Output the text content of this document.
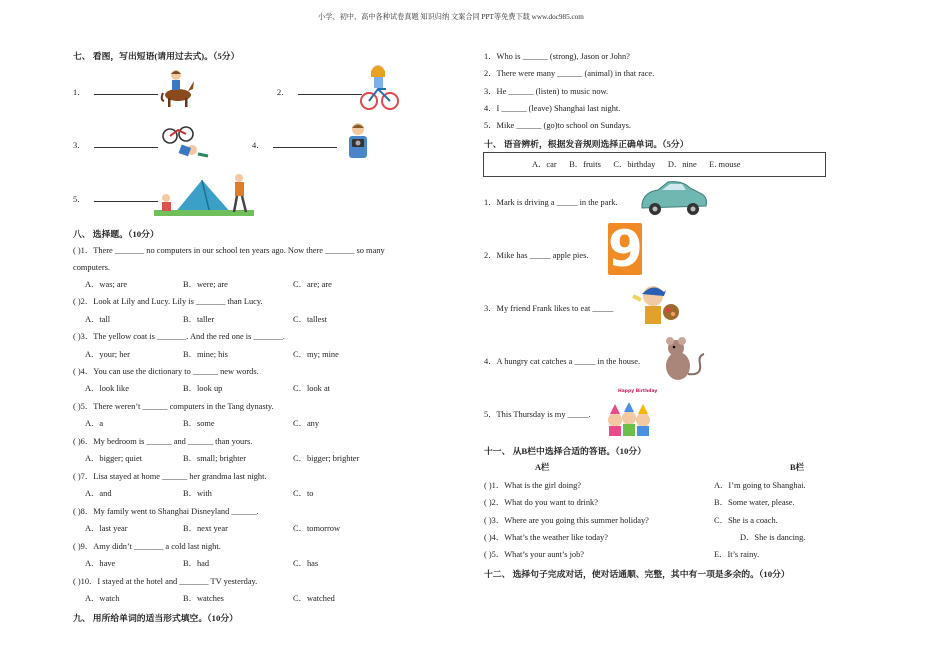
小学、初中、高中各种试卷真题 知识归纳 文案合同 PPT等免费下载 www.doc985.com
七、 看图，写出短语(请用过去式)。（5分）
1．	2．
3．	4．
5．
八、 选择题。（10分）
( )1．There _______ no computers in our school ten years ago. Now there _______ so many
computers.
A．was; are	B．were; are	C．are; are
( )2．Look at Lily and Lucy. Lily is _______ than Lucy.
A．tall	B．taller	C．tallest
( )3．The yellow coat is _______. And the red one is _______.
A．your; her	B．mine; his	C．my; mine
( )4．You can use the dictionary to ______ new words.
A．look like	B．look up	C．look at
( )5．There weren’t ______ computers in the Tang dynasty.
A．a	B．some	C．any
( )6．My bedroom is ______ and ______ than yours.
A．bigger; quiet	B．small; brighter	C．bigger; brighter
( )7．Lisa stayed at home ______ her grandma last night.
A．and	B．with	C．to
( )8．My family went to Shanghai Disneyland ______.
A．last year	B．next year	C．tomorrow
( )9．Amy didn’t _______ a cold last night.
A．have	B．had	C．has
( )10．I stayed at the hotel and _______ TV yesterday.
A．watch	B．watches	C．watched
九、 用所给单词的适当形式填空。（10分）
1．Who is ______ (strong), Jason or John?
2．There were many ______ (animal) in that race.
3．He ______ (listen) to music now.
4．I ______ (leave) Shanghai last night.
5．Mike ______ (go)to school on Sundays.
十、 语音辨析，根据发音规则选择正确单词。（5分）
A．car      B．fruits      C．birthday      D．nine      E. mouse
1．Mark is driving a _____ in the park.
2．Mike has _____ apple pies.
3．My friend Frank likes to eat _____
4．A hungry cat catches a _____ in the house.
5．This Thursday is my _____.
9
Happy Birthday
十一、 从B栏中选择合适的答语。（10分）
A栏	B栏
( )1．What is the girl doing?	A．I’m going to Shanghai.
( )2．What do you want to drink?	B．Some water, please.
( )3．Where are you going this summer holiday?	C．She is a coach.
( )4．What’s the weather like today?	D．She is dancing.
( )5．What’s your aunt’s job?	E．It’s rainy.
十二、 选择句子完成对话，使对话通顺、完整，其中有一项是多余的。（10分）
